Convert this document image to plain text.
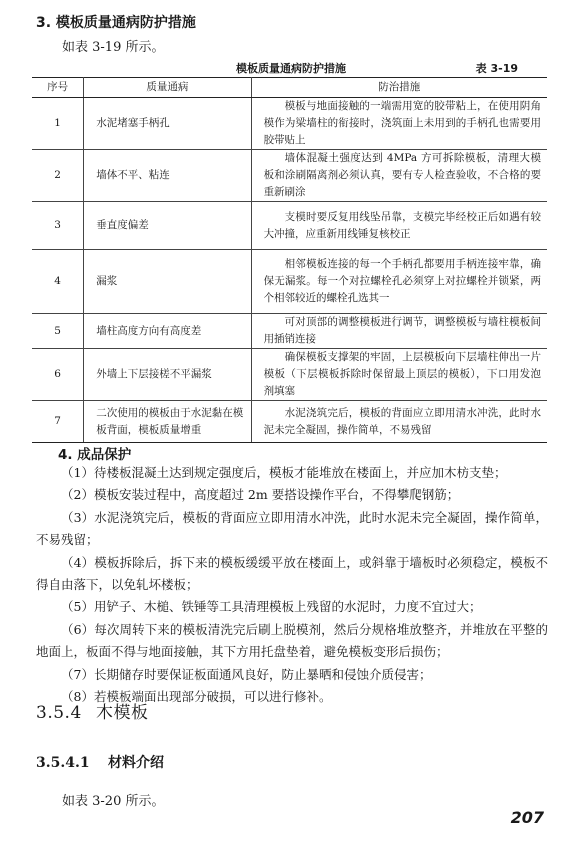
3. 模板质量通病防护措施
如表 3-19 所示。
模板质量通病防护措施	表 3-19
序号	质量通病	防治措施
1	水泥堵塞手柄孔	模板与地面接触的一端需用宽的胶带粘上，在使用阴角模作为梁墙柱的衔接时，浇筑面上未用到的手柄孔也需要用胶带贴上

2	墙体不平、粘连	墙体混凝土强度达到 4MPa 方可拆除模板，清理大模板和涂刷隔离剂必须认真，要有专人检查验收，不合格的要重新刷涂

3	垂直度偏差	支模时要反复用线坠吊靠，支模完毕经校正后如遇有较大冲撞，应重新用线锤复核校正

4	漏浆	相邻模板连接的每一个手柄孔都要用手柄连接牢靠，确保无漏浆。每一个对拉螺栓孔必须穿上对拉螺栓并锁紧，两个相邻较近的螺栓孔选其一

5	墙柱高度方向有高度差	可对顶部的调整模板进行调节，调整模板与墙柱模板间用插销连接

6	外墙上下层接槎不平漏浆	确保模板支撑架的牢固，上层模板向下层墙柱伸出一片模板（下层模板拆除时保留最上顶层的模板），下口用发泡剂填塞

7	二次使用的模板由于水泥黏在模板背面，模板质量增重	水泥浇筑完后，模板的背面应立即用清水冲洗，此时水泥未完全凝固，操作简单，不易残留
4. 成品保护

（1）待楼板混凝土达到规定强度后，模板才能堆放在楼面上，并应加木枋支垫；

（2）模板安装过程中，高度超过 2m 要搭设操作平台，不得攀爬钢筋；

（3）水泥浇筑完后，模板的背面应立即用清水冲洗，此时水泥未完全凝固，操作简单，不易残留；

（4）模板拆除后，拆下来的模板缓缓平放在楼面上，或斜靠于墙板时必须稳定，模板不得自由落下，以免轧坏楼板；

（5）用铲子、木槌、铁锤等工具清理模板上残留的水泥时，力度不宜过大；

（6）每次周转下来的模板清洗完后刷上脱模剂，然后分规格堆放整齐，并堆放在平整的地面上，板面不得与地面接触，其下方用托盘垫着，避免模板变形后损伤；

（7）长期储存时要保证板面通风良好，防止暴晒和侵蚀介质侵害；

（8）若模板端面出现部分破损，可以进行修补。

3.5.4 木模板
3.5.4.1 材料介绍
如表 3-20 所示。
207
